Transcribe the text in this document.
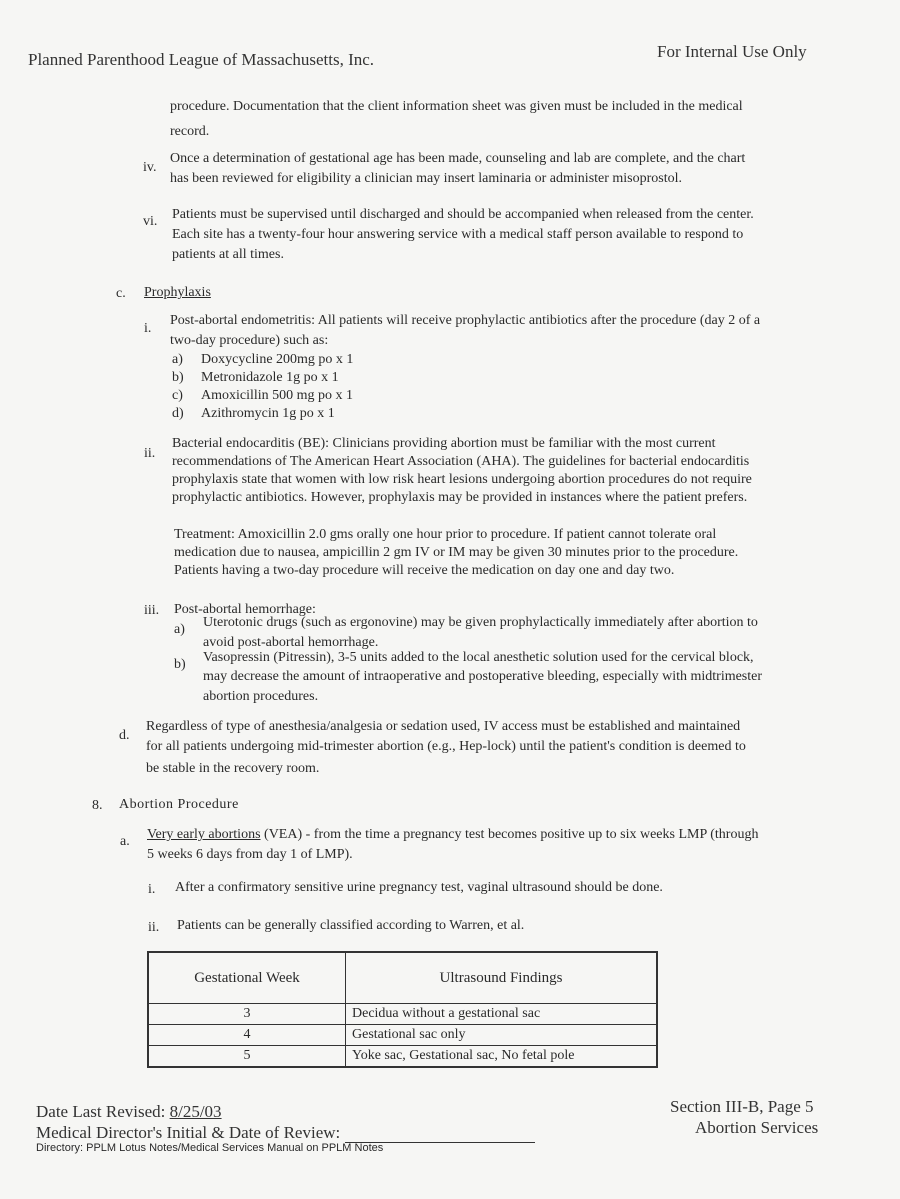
Planned Parenthood League of Massachusetts, Inc.	For Internal Use Only
procedure. Documentation that the client information sheet was given must be included in the medical
record.
iv.
Once a determination of gestational age has been made, counseling and lab are complete, and the chart
has been reviewed for eligibility a clinician may insert laminaria or administer misoprostol.
vi. Patients must be supervised until discharged and should be accompanied when released from the center.
Each site has a twenty-four hour answering service with a medical staff person available to respond to
patients at all times.
c. Prophylaxis
i.
Post-abortal endometritis: All patients will receive prophylactic antibiotics after the procedure (day 2 of a
two-day procedure) such as:
a) Doxycycline 200mg po x 1
b) Metronidazole 1g po x 1
c) Amoxicillin 500 mg po x 1
d) Azithromycin 1g po x 1
ii.
Bacterial endocarditis (BE): Clinicians providing abortion must be familiar with the most current
recommendations of The American Heart Association (AHA). The guidelines for bacterial endocarditis
prophylaxis state that women with low risk heart lesions undergoing abortion procedures do not require
prophylactic antibiotics. However, prophylaxis may be provided in instances where the patient prefers.
Treatment: Amoxicillin 2.0 gms orally one hour prior to procedure. If patient cannot tolerate oral
medication due to nausea, ampicillin 2 gm IV or IM may be given 30 minutes prior to the procedure.
Patients having a two-day procedure will receive the medication on day one and day two.
iii. Post-abortal hemorrhage:
a) Uterotonic drugs (such as ergonovine) may be given prophylactically immediately after abortion to
avoid post-abortal hemorrhage.
b) Vasopressin (Pitressin), 3-5 units added to the local anesthetic solution used for the cervical block,
may decrease the amount of intraoperative and postoperative bleeding, especially with midtrimester
abortion procedures.
d.
Regardless of type of anesthesia/analgesia or sedation used, IV access must be established and maintained
for all patients undergoing mid-trimester abortion (e.g., Hep-lock) until the patient's condition is deemed to
be stable in the recovery room.
8. Abortion Procedure
a. Very early abortions (VEA) - from the time a pregnancy test becomes positive up to six weeks LMP (through
5 weeks 6 days from day 1 of LMP).
i. After a confirmatory sensitive urine pregnancy test, vaginal ultrasound should be done.
ii. Patients can be generally classified according to Warren, et al.
Gestational Week	Ultrasound Findings
3	Decidua without a gestational sac
4	Gestational sac only
5	Yoke sac, Gestational sac, No fetal pole
Date Last Revised: 8/25/03
Medical Director's Initial & Date of Review:
Directory: PPLM Lotus Notes/Medical Services Manual on PPLM Notes
Section III-B, Page 5
Abortion Services
